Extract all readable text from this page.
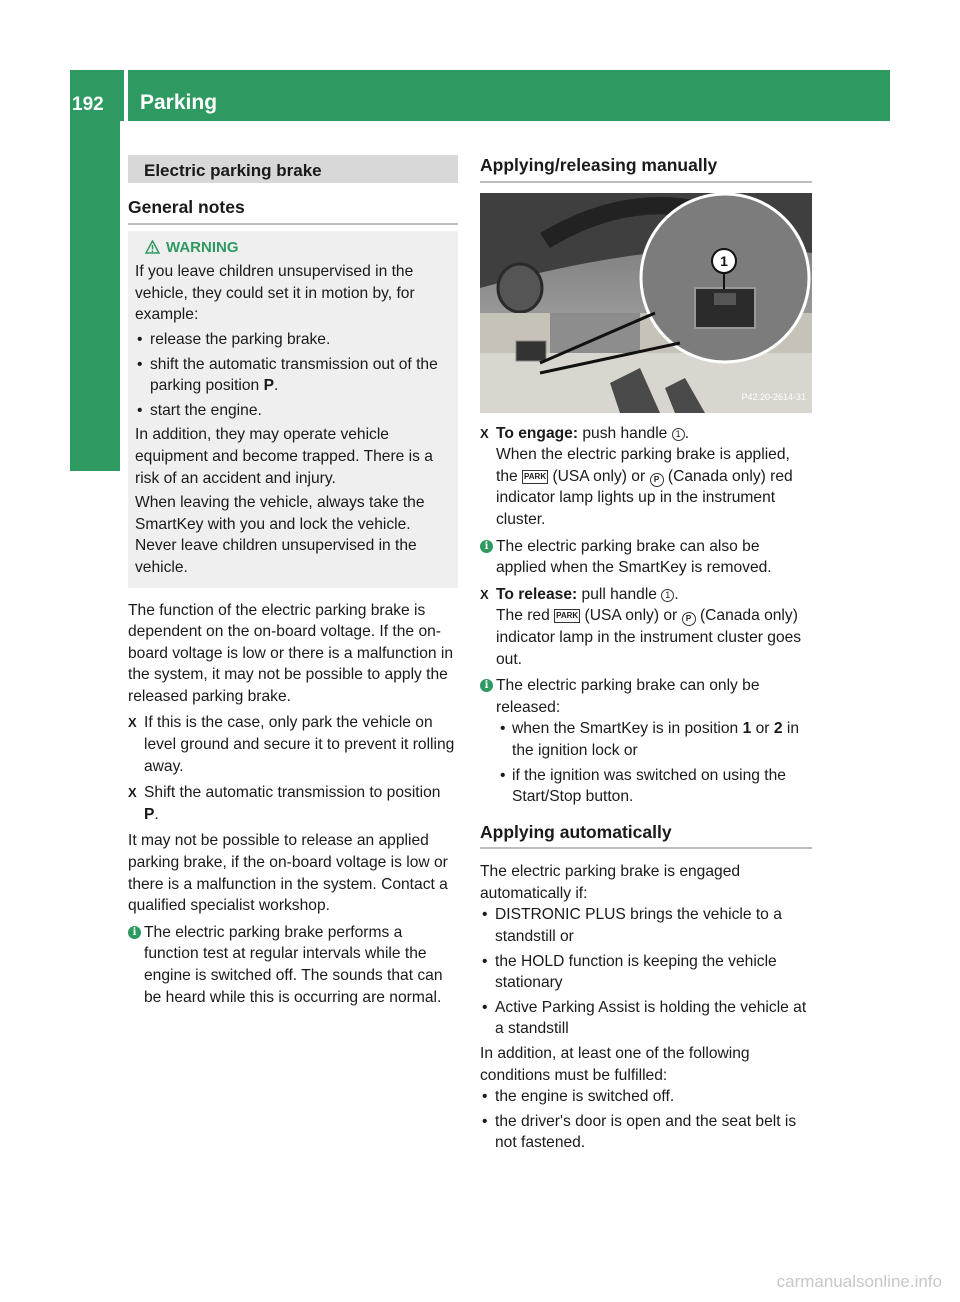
192 Parking
Driving and parking	Electric parking brake
General notes
WARNING

If you leave children unsupervised in the vehicle, they could set it in motion by, for example:

• release the parking brake.
• shift the automatic transmission out of the parking position P.
• start the engine.

In addition, they may operate vehicle equipment and become trapped. There is a risk of an accident and injury.

When leaving the vehicle, always take the SmartKey with you and lock the vehicle. Never leave children unsupervised in the vehicle.

The function of the electric parking brake is dependent on the on-board voltage. If the on-board voltage is low or there is a malfunction in the system, it may not be possible to apply the released parking brake.

X If this is the case, only park the vehicle on level ground and secure it to prevent it rolling away.
X Shift the automatic transmission to position P.

It may not be possible to release an applied parking brake, if the on-board voltage is low or there is a malfunction in the system. Contact a qualified specialist workshop.

i The electric parking brake performs a function test at regular intervals while the engine is switched off. The sounds that can be heard while this is occurring are normal.
Applying/releasing manually
1
P42.20-2614-31
X To engage: push handle 1 .
When the electric parking brake is applied, the PARK (USA only) or P (Canada only) red indicator lamp lights up in the instrument cluster.
i The electric parking brake can also be applied when the SmartKey is removed.
X To release: pull handle 1 .
The red PARK (USA only) or P (Canada only) indicator lamp in the instrument cluster goes out.
i The electric parking brake can only be released:
• when the SmartKey is in position 1 or 2 in the ignition lock or
• if the ignition was switched on using the Start/Stop button.
Applying automatically

The electric parking brake is engaged automatically if:

• DISTRONIC PLUS brings the vehicle to a standstill or
• the HOLD function is keeping the vehicle stationary
• Active Parking Assist is holding the vehicle at a standstill

In addition, at least one of the following conditions must be fulfilled:

• the engine is switched off.
• the driver's door is open and the seat belt is not fastened.
carmanualsonline.info
